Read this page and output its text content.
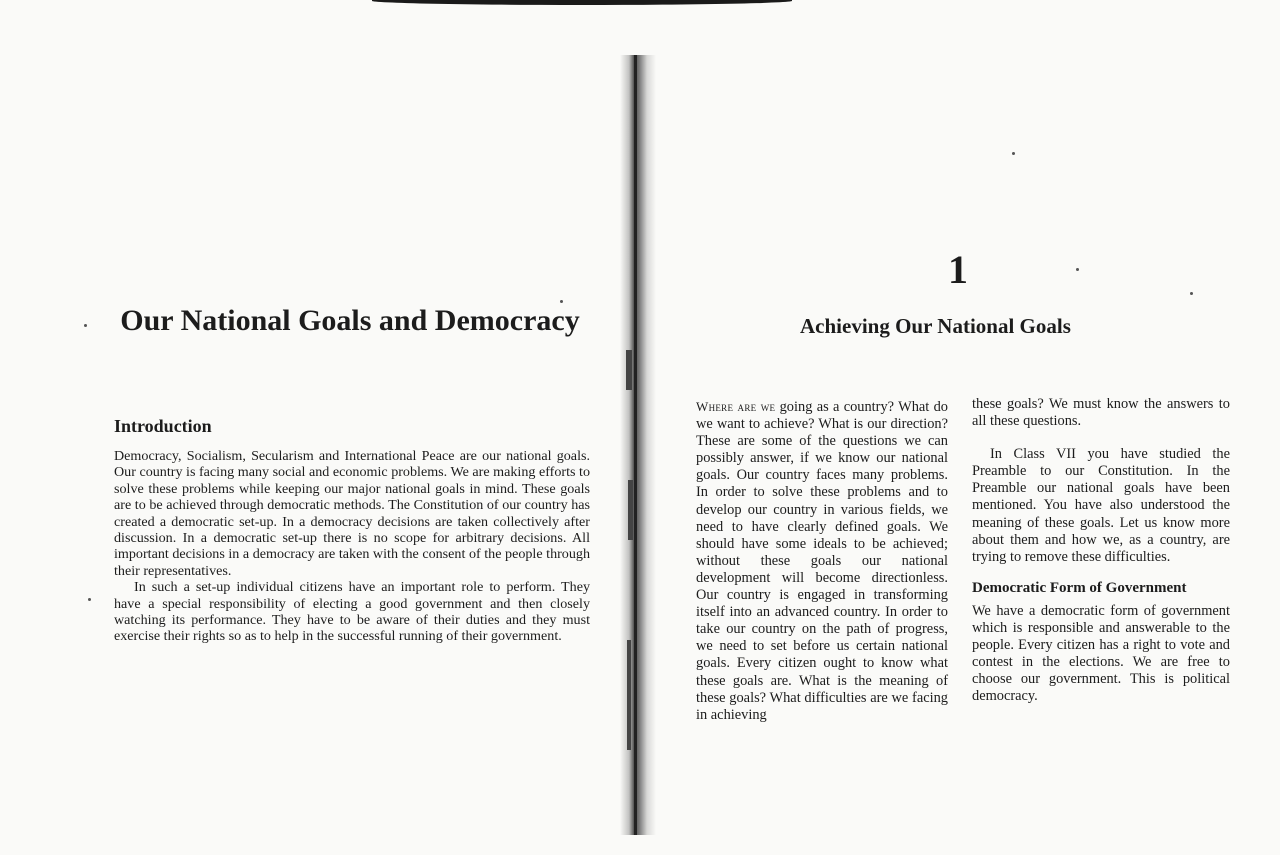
Our National Goals and Democracy
Introduction

Democracy, Socialism, Secularism and International Peace are our national goals. Our country is facing many social and economic problems. We are making efforts to solve these problems while keeping our major national goals in mind. These goals are to be achieved through democratic methods. The Constitution of our country has created a democratic set-up. In a democracy decisions are taken collectively after discussion. In a democratic set-up there is no scope for arbitrary decisions. All important decisions in a democracy are taken with the consent of the people through their representatives.

In such a set-up individual citizens have an important role to perform. They have a special responsibility of electing a good government and then closely watching its performance. They have to be aware of their duties and they must exercise their rights so as to help in the successful running of their government.

1
Achieving Our National Goals

Where are we going as a country? What do we want to achieve? What is our direction? These are some of the questions we can possibly answer, if we know our national goals. Our country faces many problems. In order to solve these problems and to develop our country in various fields, we need to have clearly defined goals. We should have some ideals to be achieved; without these goals our national development will become directionless. Our country is engaged in transforming itself into an advanced country. In order to take our country on the path of progress, we need to set before us certain national goals. Every citizen ought to know what these goals are. What is the meaning of these goals? What difficulties are we facing in achieving

these goals? We must know the answers to all these questions.

In Class VII you have studied the Preamble to our Constitution. In the Preamble our national goals have been mentioned. You have also understood the meaning of these goals. Let us know more about them and how we, as a country, are trying to remove these difficulties.

Democratic Form of Government

We have a democratic form of government which is responsible and answerable to the people. Every citizen has a right to vote and contest in the elections. We are free to choose our government. This is political democracy.
